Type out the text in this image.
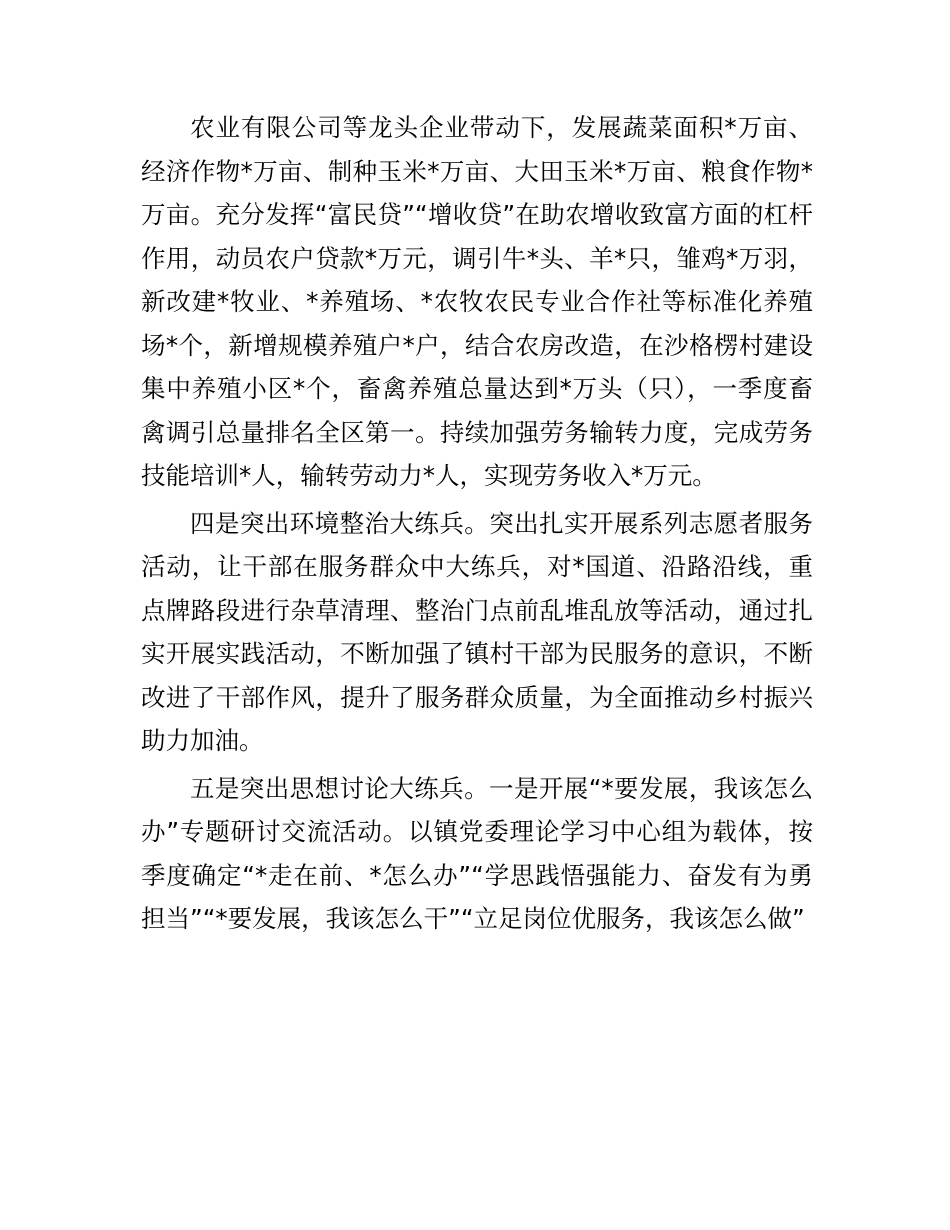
农业有限公司等龙头企业带动下，发展蔬菜面积*万亩、经济作物*万亩、制种玉米*万亩、大田玉米*万亩、粮食作物*万亩。充分发挥“富民贷”“增收贷”在助农增收致富方面的杠杆作用，动员农户贷款*万元，调引牛*头、羊*只，雏鸡*万羽，新改建*牧业、*养殖场、*农牧农民专业合作社等标准化养殖场*个，新增规模养殖户*户，结合农房改造，在沙格楞村建设集中养殖小区*个，畜禽养殖总量达到*万头（只），一季度畜禽调引总量排名全区第一。持续加强劳务输转力度，完成劳务技能培训*人，输转劳动力*人，实现劳务收入*万元。

四是突出环境整治大练兵。突出扎实开展系列志愿者服务活动，让干部在服务群众中大练兵，对*国道、沿路沿线，重点牌路段进行杂草清理、整治门点前乱堆乱放等活动，通过扎实开展实践活动，不断加强了镇村干部为民服务的意识，不断改进了干部作风，提升了服务群众质量，为全面推动乡村振兴助力加油。

五是突出思想讨论大练兵。一是开展“*要发展，我该怎么办”专题研讨交流活动。以镇党委理论学习中心组为载体，按季度确定“*走在前、*怎么办”“学思践悟强能力、奋发有为勇担当”“*要发展，我该怎么干”“立足岗位优服务，我该怎么做”
